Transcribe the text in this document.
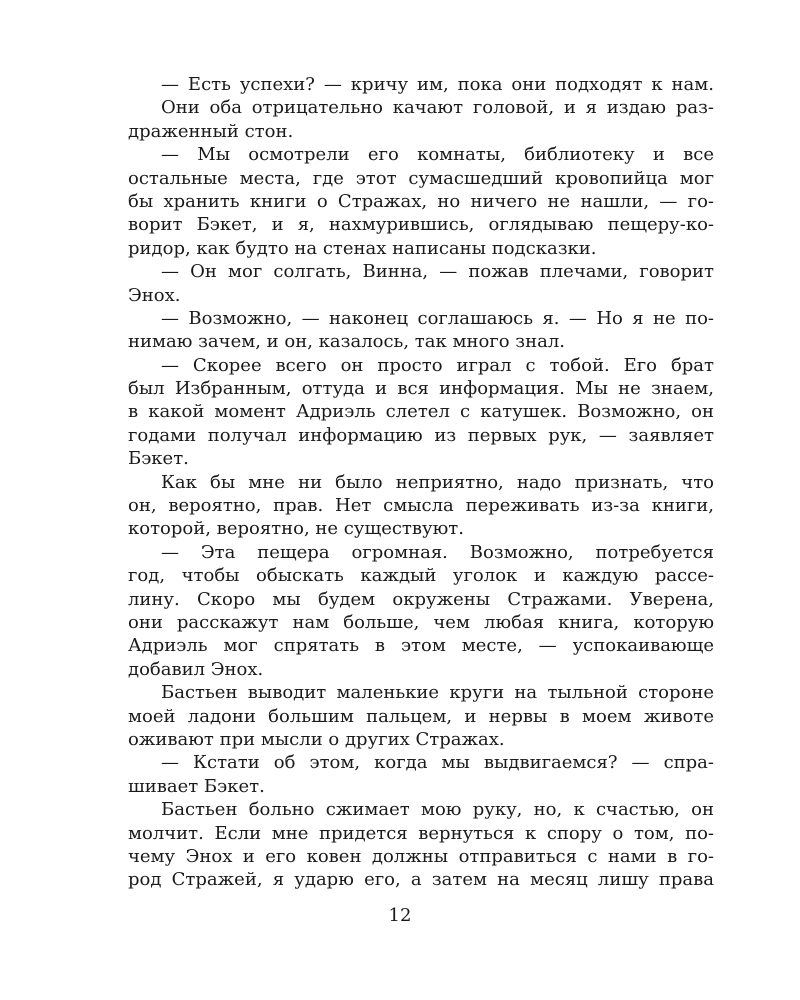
— Есть успехи? — кричу им, пока они подходят к нам.
Они оба отрицательно качают головой, и я издаю раз-
драженный стон.
— Мы осмотрели его комнаты, библиотеку и все
остальные места, где этот сумасшедший кровопийца мог
бы хранить книги о Стражах, но ничего не нашли, — го-
ворит Бэкет, и я, нахмурившись, оглядываю пещеру-ко-
ридор, как будто на стенах написаны подсказки.
— Он мог солгать, Винна, — пожав плечами, говорит
Энох.
— Возможно, — наконец соглашаюсь я. — Но я не по-
нимаю зачем, и он, казалось, так много знал.
— Скорее всего он просто играл с тобой. Его брат
был Избранным, оттуда и вся информация. Мы не знаем,
в какой момент Адриэль слетел с катушек. Возможно, он
годами получал информацию из первых рук, — заявляет
Бэкет.
Как бы мне ни было неприятно, надо признать, что
он, вероятно, прав. Нет смысла переживать из-за книги,
которой, вероятно, не существуют.
— Эта пещера огромная. Возможно, потребуется
год, чтобы обыскать каждый уголок и каждую рассе-
лину. Скоро мы будем окружены Стражами. Уверена,
они расскажут нам больше, чем любая книга, которую
Адриэль мог спрятать в этом месте, — успокаивающе
добавил Энох.
Бастьен выводит маленькие круги на тыльной стороне
моей ладони большим пальцем, и нервы в моем животе
оживают при мысли о других Стражах.
— Кстати об этом, когда мы выдвигаемся? — спра-
шивает Бэкет.
Бастьен больно сжимает мою руку, но, к счастью, он
молчит. Если мне придется вернуться к спору о том, по-
чему Энох и его ковен должны отправиться с нами в го-
род Стражей, я ударю его, а затем на месяц лишу права
12
